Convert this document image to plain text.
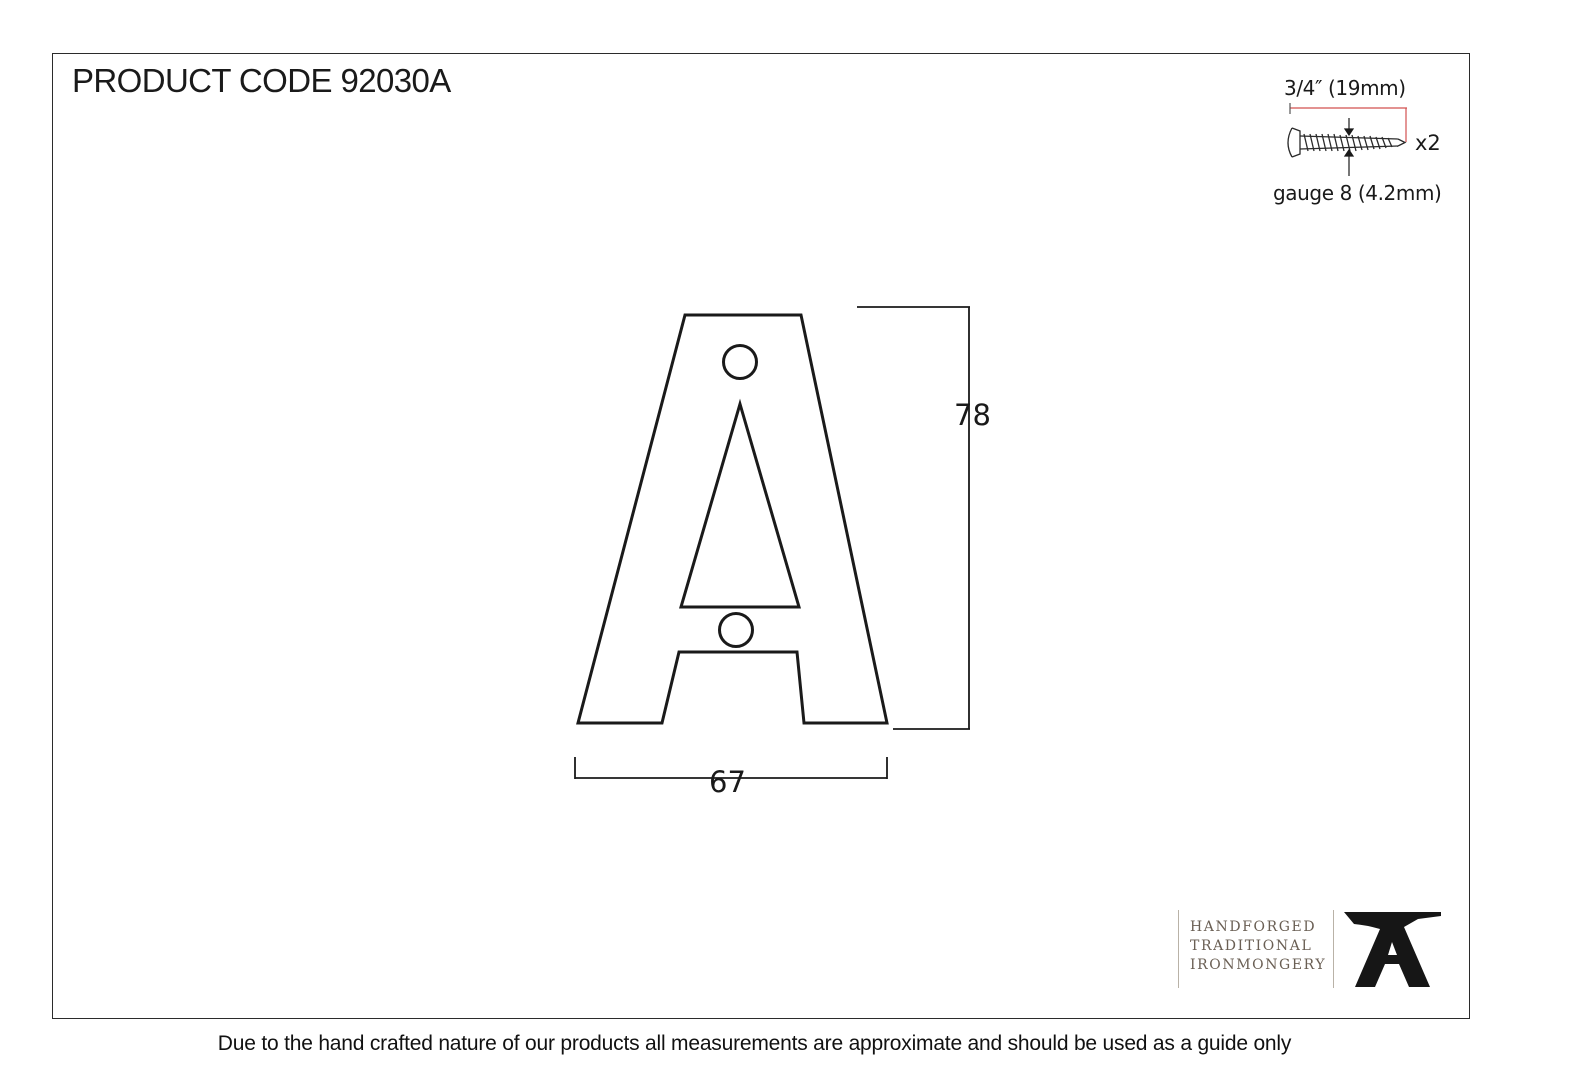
PRODUCT CODE 92030A
78
67
3/4″ (19mm)
x2
gauge 8 (4.2mm)
HANDFORGED
TRADITIONAL
IRONMONGERY
Due to the hand crafted nature of our products all measurements are approximate and should be used as a guide only
